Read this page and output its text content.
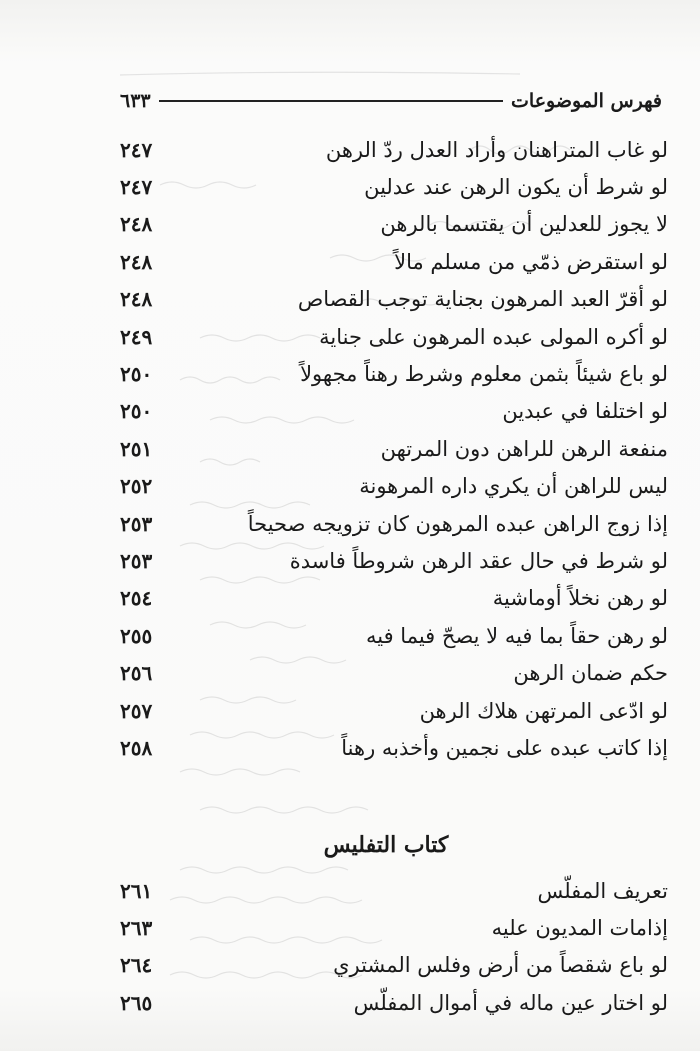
فهرس الموضوعات
٦٣٣
لو غاب المتراهنان وأراد العدل ردّ الرهن
٢٤٧
لو شرط أن يكون الرهن عند عدلين
٢٤٧
لا يجوز للعدلين أن يقتسما بالرهن
٢٤٨
لو استقرض ذمّي من مسلم مالاً
٢٤٨
لو أقرّ العبد المرهون بجناية توجب القصاص
٢٤٨
لو أكره المولى عبده المرهون على جناية
٢٤٩
لو باع شيئاً بثمن معلوم وشرط رهناً مجهولاً
٢٥٠
لو اختلفا في عبدين
٢٥٠
منفعة الرهن للراهن دون المرتهن
٢٥١
ليس للراهن أن يكري داره المرهونة
٢٥٢
إذا زوج الراهن عبده المرهون كان تزويجه صحيحاً
٢٥٣
لو شرط في حال عقد الرهن شروطاً فاسدة
٢٥٣
لو رهن نخلاً أوماشية
٢٥٤
لو رهن حقاً بما فيه لا يصحّ فيما فيه
٢٥٥
حكم ضمان الرهن
٢٥٦
لو ادّعى المرتهن هلاك الرهن
٢٥٧
إذا كاتب عبده على نجمين وأخذبه رهناً
٢٥٨
كتاب التفليس
تعريف المفلّس
٢٦١
إذامات المديون عليه
٢٦٣
لو باع شقصاً من أرض وفلس المشتري
٢٦٤
لو اختار عين ماله في أموال المفلّس
٢٦٥
